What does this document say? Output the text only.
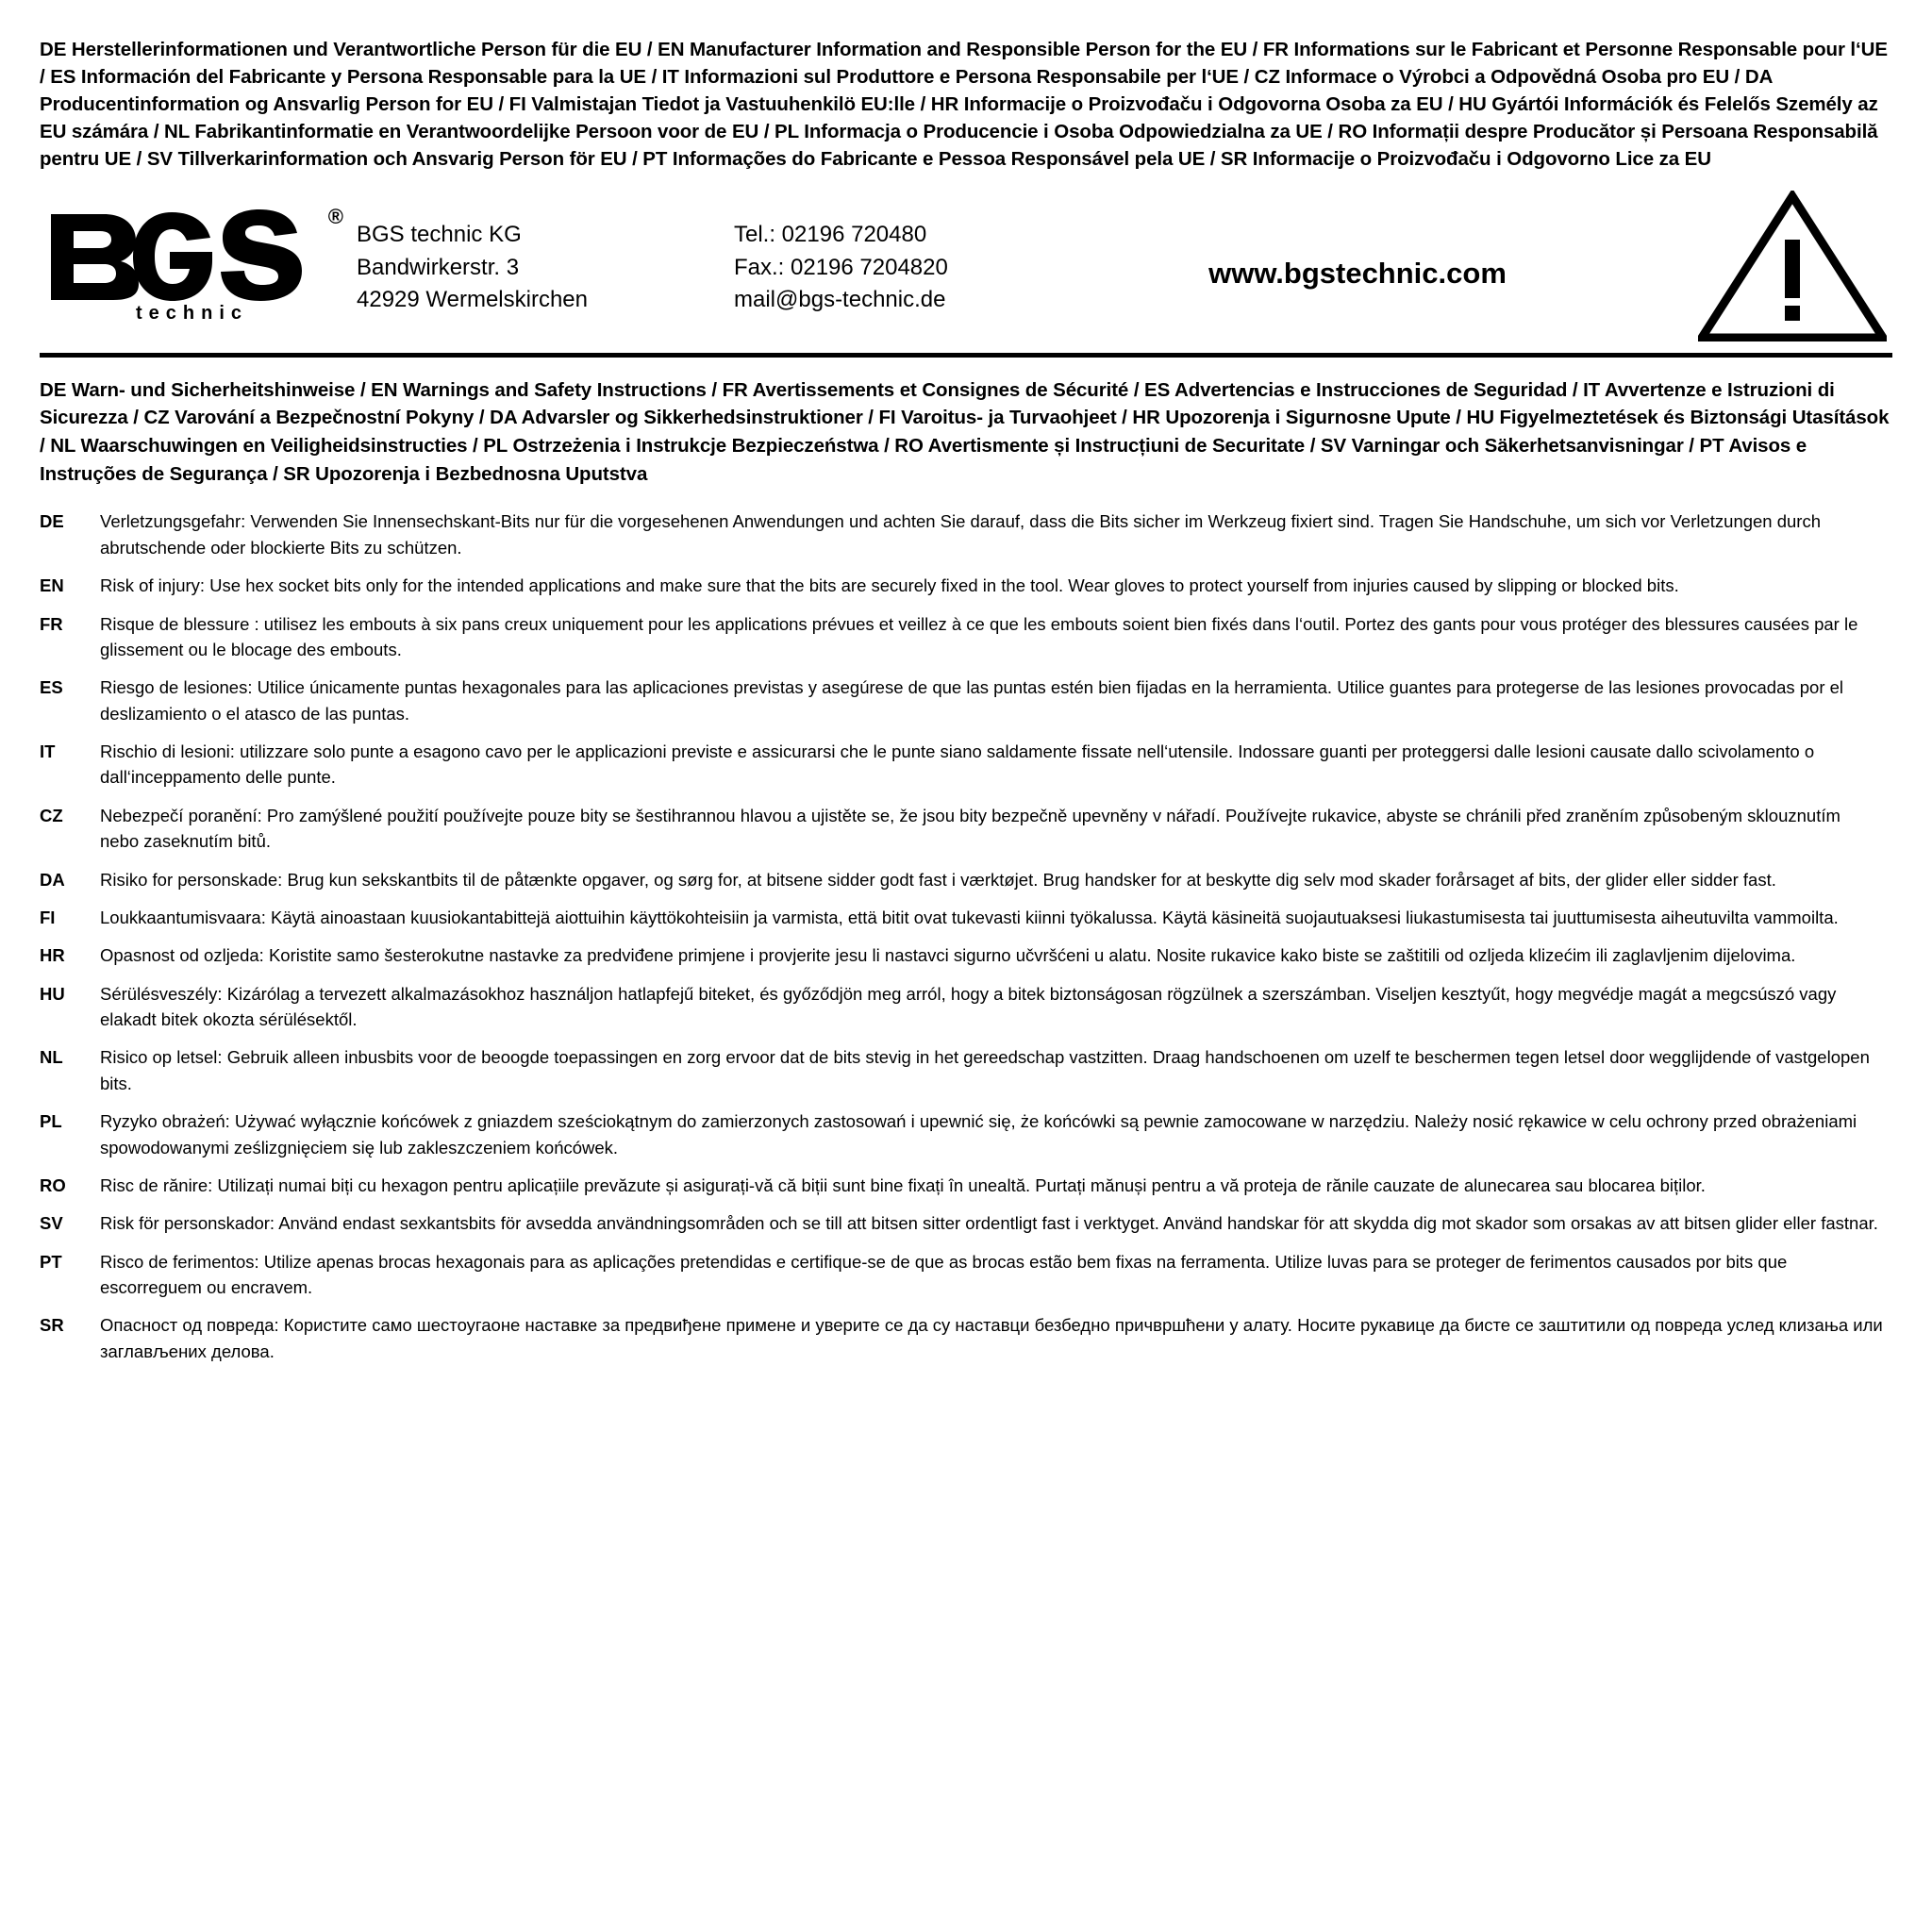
DE Herstellerinformationen und Verantwortliche Person für die EU / EN Manufacturer Information and Responsible Person for the EU / FR Informations sur le Fabricant et Personne Responsable pour l‘UE / ES Información del Fabricante y Persona Responsable para la UE / IT Informazioni sul Produttore e Persona Responsabile per l‘UE / CZ Informace o Výrobci a Odpovědná Osoba pro EU / DA Producentinformation og Ansvarlig Person for EU / FI Valmistajan Tiedot ja Vastuuhenkilö EU:lle / HR Informacije o Proizvođaču i Odgovorna Osoba za EU / HU Gyártói Információk és Felelős Személy az EU számára / NL Fabrikantinformatie en Verantwoordelijke Persoon voor de EU / PL Informacja o Producencie i Osoba Odpowiedzialna za UE / RO Informații despre Producător și Persoana Responsabilă pentru UE / SV Tillverkarinformation och Ansvarig Person för EU / PT Informações do Fabricante e Pessoa Responsável pela UE / SR Informacije o Proizvođaču i Odgovorno Lice za EU
®
technic
BGS technic KG
Bandwirkerstr. 3
42929 Wermelskirchen
Tel.: 02196 720480
Fax.: 02196 7204820
mail@bgs-technic.de
www.bgstechnic.com
DE Warn- und Sicherheitshinweise / EN Warnings and Safety Instructions / FR Avertissements et Consignes de Sécurité / ES Advertencias e Instrucciones de Seguridad / IT Avvertenze e Istruzioni di Sicurezza / CZ Varování a Bezpečnostní Pokyny / DA Advarsler og Sikkerhedsinstruktioner / FI Varoitus- ja Turvaohjeet / HR Upozorenja i Sigurnosne Upute / HU Figyelmeztetések és Biztonsági Utasítások / NL Waarschuwingen en Veiligheidsinstructies / PL Ostrzeżenia i Instrukcje Bezpieczeństwa / RO Avertismente și Instrucțiuni de Securitate / SV Varningar och Säkerhetsanvisningar / PT Avisos e Instruções de Segurança / SR Upozorenja i Bezbednosna Uputstva
DE	Verletzungsgefahr: Verwenden Sie Innensechskant-Bits nur für die vorgesehenen Anwendungen und achten Sie darauf, dass die Bits sicher im Werkzeug fixiert sind. Tragen Sie Handschuhe, um sich vor Verletzungen durch abrutschende oder blockierte Bits zu schützen.
EN	Risk of injury: Use hex socket bits only for the intended applications and make sure that the bits are securely fixed in the tool. Wear gloves to protect yourself from injuries caused by slipping or blocked bits.
FR	Risque de blessure : utilisez les embouts à six pans creux uniquement pour les applications prévues et veillez à ce que les embouts soient bien fixés dans l‘outil. Portez des gants pour vous protéger des blessures causées par le glissement ou le blocage des embouts.
ES	Riesgo de lesiones: Utilice únicamente puntas hexagonales para las aplicaciones previstas y asegúrese de que las puntas estén bien fijadas en la herramienta. Utilice guantes para protegerse de las lesiones provocadas por el deslizamiento o el atasco de las puntas.
IT	Rischio di lesioni: utilizzare solo punte a esagono cavo per le applicazioni previste e assicurarsi che le punte siano saldamente fissate nell‘utensile. Indossare guanti per proteggersi dalle lesioni causate dallo scivolamento o dall‘inceppamento delle punte.
CZ	Nebezpečí poranění: Pro zamýšlené použití používejte pouze bity se šestihrannou hlavou a ujistěte se, že jsou bity bezpečně upevněny v nářadí. Používejte rukavice, abyste se chránili před zraněním způsobeným sklouznutím nebo zaseknutím bitů.
DA	Risiko for personskade: Brug kun sekskantbits til de påtænkte opgaver, og sørg for, at bitsene sidder godt fast i værktøjet. Brug handsker for at beskytte dig selv mod skader forårsaget af bits, der glider eller sidder fast.
FI	Loukkaantumisvaara: Käytä ainoastaan kuusiokantabittejä aiottuihin käyttökohteisiin ja varmista, että bitit ovat tukevasti kiinni työkalussa. Käytä käsineitä suojautuaksesi liukastumisesta tai juuttumisesta aiheutuvilta vammoilta.
HR	Opasnost od ozljeda: Koristite samo šesterokutne nastavke za predviđene primjene i provjerite jesu li nastavci sigurno učvršćeni u alatu. Nosite rukavice kako biste se zaštitili od ozljeda klizećim ili zaglavljenim dijelovima.
HU	Sérülésveszély: Kizárólag a tervezett alkalmazásokhoz használjon hatlapfejű biteket, és győződjön meg arról, hogy a bitek biztonságosan rögzülnek a szerszámban. Viseljen kesztyűt, hogy megvédje magát a megcsúszó vagy elakadt bitek okozta sérülésektől.
NL	Risico op letsel: Gebruik alleen inbusbits voor de beoogde toepassingen en zorg ervoor dat de bits stevig in het gereedschap vastzitten. Draag handschoenen om uzelf te beschermen tegen letsel door wegglijdende of vastgelopen bits.
PL	Ryzyko obrażeń: Używać wyłącznie końcówek z gniazdem sześciokątnym do zamierzonych zastosowań i upewnić się, że końcówki są pewnie zamocowane w narzędziu. Należy nosić rękawice w celu ochrony przed obrażeniami spowodowanymi ześlizgnięciem się lub zakleszczeniem końcówek.
RO	Risc de rănire: Utilizați numai biți cu hexagon pentru aplicațiile prevăzute și asigurați-vă că biții sunt bine fixați în unealtă. Purtați mănuși pentru a vă proteja de rănile cauzate de alunecarea sau blocarea biților.
SV	Risk för personskador: Använd endast sexkantsbits för avsedda användningsområden och se till att bitsen sitter ordentligt fast i verktyget. Använd handskar för att skydda dig mot skador som orsakas av att bitsen glider eller fastnar.
PT	Risco de ferimentos: Utilize apenas brocas hexagonais para as aplicações pretendidas e certifique-se de que as brocas estão bem fixas na ferramenta. Utilize luvas para se proteger de ferimentos causados por bits que escorreguem ou encravem.
SR	Опасност од повреда: Користите само шестоугаоне наставке за предвиђене примене и уверите се да су наставци безбедно причвршћени у алату. Носите рукавице да бисте се заштитили од повреда услед клизања или заглављених делова.
